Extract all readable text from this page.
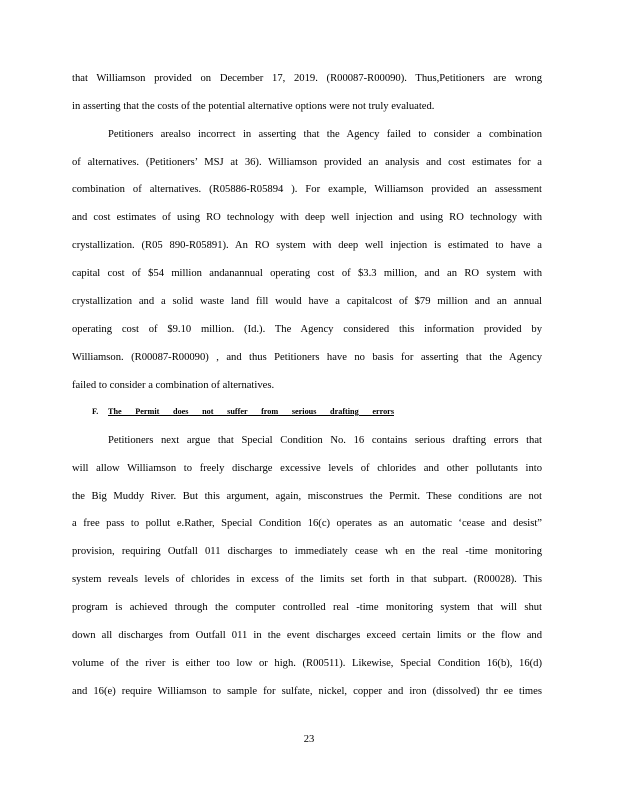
that Williamson provided on December 17, 2019. (R00087-R00090). Thus,Petitioners are wrong
in asserting that the costs of the potential alternative options were not truly evaluated.
Petitioners arealso incorrect in asserting that the Agency failed to consider a combination
of alternatives. (Petitioners’ MSJ at 36). Williamson provided an analysis and cost estimates for a
combination of alternatives. (R05886-R05894 ). For example, Williamson provided an assessment
and cost estimates of using RO technology with deep well injection and using RO technology with
crystallization. (R05 890-R05891). An RO system with deep well injection is estimated to have a
capital cost of $54 million andanannual operating cost of $3.3 million, and an RO system with
crystallization and a solid waste land fill would have a capitalcost of $79 million and an annual
operating cost of $9.10 million. (Id.). The Agency considered this information provided by
Williamson. (R00087-R00090) , and thus Petitioners have no basis for asserting that the Agency
failed to consider a combination of alternatives.
F. The Permit does not suffer from serious drafting errors
Petitioners next argue that Special Condition No. 16 contains serious drafting errors that
will allow Williamson to freely discharge excessive levels of chlorides and other pollutants into
the Big Muddy River. But this argument, again, misconstrues the Permit. These conditions are not
a free pass to pollut e.Rather, Special Condition 16(c) operates as an automatic ‘cease and desist”
provision, requiring Outfall 011 discharges to immediately cease wh en the real -time monitoring
system reveals levels of chlorides in excess of the limits set forth in that subpart. (R00028). This
program is achieved through the computer controlled real -time monitoring system that will shut
down all discharges from Outfall 011 in the event discharges exceed certain limits or the flow and
volume of the river is either too low or high. (R00511). Likewise, Special Condition 16(b), 16(d)
and 16(e) require Williamson to sample for sulfate, nickel, copper and iron (dissolved) thr ee times
23
